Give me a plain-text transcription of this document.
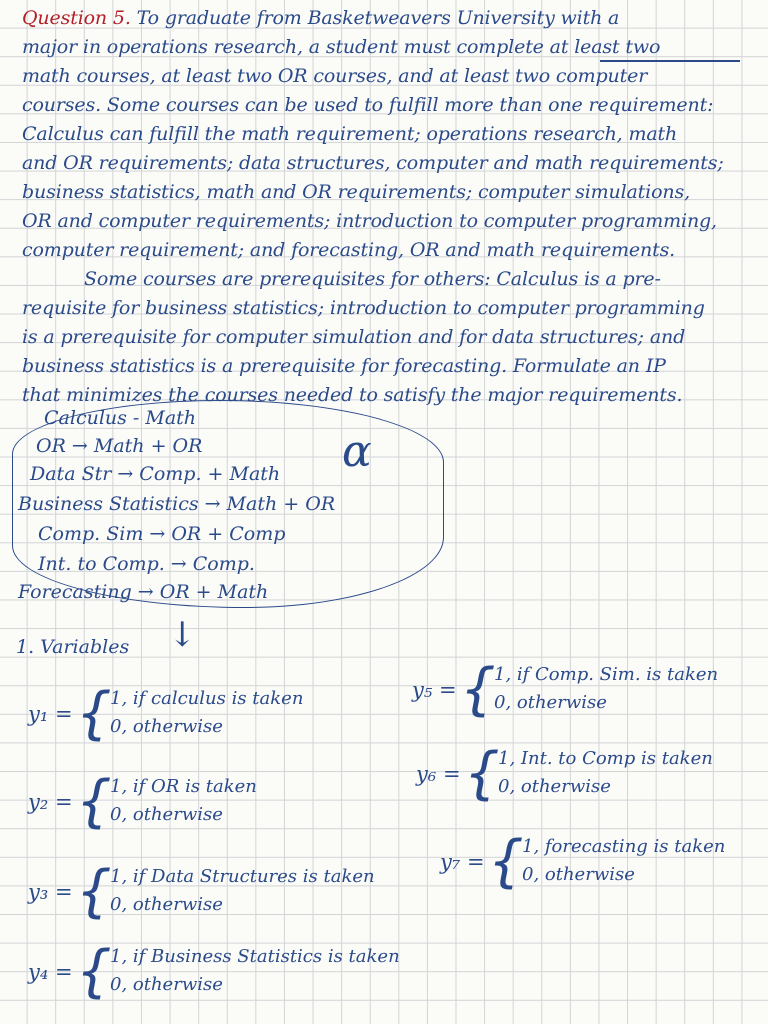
Question 5. To graduate from Basketweavers University with a
major in operations research, a student must complete at least two
math courses, at least two OR courses, and at least two computer
courses. Some courses can be used to fulfill more than one requirement:
Calculus can fulfill the math requirement; operations research, math
and OR requirements; data structures, computer and math requirements;
business statistics, math and OR requirements; computer simulations,
OR and computer requirements; introduction to computer programming,
computer requirement; and forecasting, OR and math requirements.
Some courses are prerequisites for others: Calculus is a pre-
requisite for business statistics; introduction to computer programming
is a prerequisite for computer simulation and for data structures; and
business statistics is a prerequisite for forecasting. Formulate an IP
that minimizes the courses needed to satisfy the major requirements.
Calculus - Math
OR → Math + OR
Data Str → Comp. + Math
Business Statistics → Math + OR
Comp. Sim → OR + Comp
Int. to Comp. → Comp.
Forecasting → OR + Math
α
↓
1. Variables
y₁ = {
1, if calculus is taken
0, otherwise
y₂ = {
1, if OR is taken
0, otherwise
y₃ = {
1, if Data Structures is taken
0, otherwise
y₄ = {
1, if Business Statistics is taken
0, otherwise
y₅ = {
1, if Comp. Sim. is taken
0, otherwise
y₆ = {
1, Int. to Comp is taken
0, otherwise
y₇ = {
1, forecasting is taken
0, otherwise
